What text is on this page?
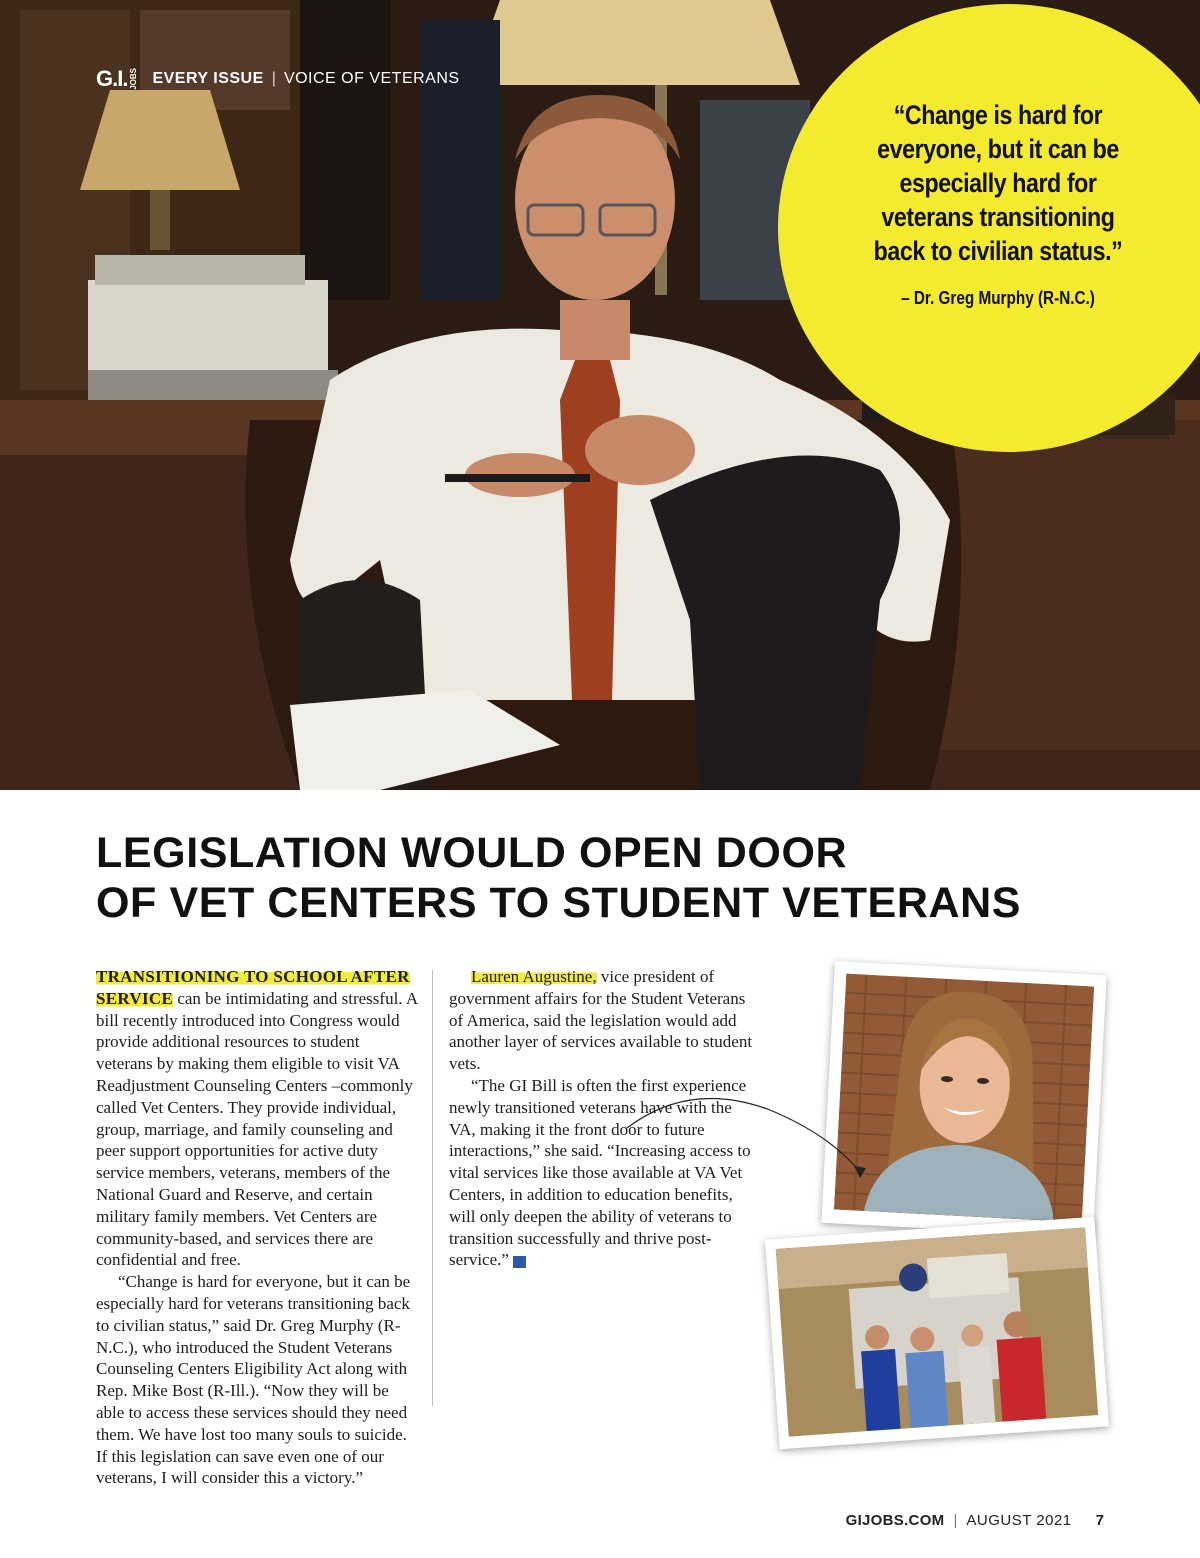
G.I. JOBS EVERY ISSUE | VOICE OF VETERANS
“Change is hard for everyone, but it can be especially hard for veterans transitioning back to civilian status.”
– Dr. Greg Murphy (R-N.C.)
LEGISLATION WOULD OPEN DOOR
OF VET CENTERS TO STUDENT VETERANS

TRANSITIONING TO SCHOOL AFTER SERVICE can be intimidating and stressful. A bill recently introduced into Congress would provide additional resources to student veterans by making them eligible to visit VA Readjustment Counseling Centers –commonly called Vet Centers. They provide individual, group, marriage, and family counseling and peer support opportunities for active duty service members, veterans, members of the National Guard and Reserve, and certain military family members. Vet Centers are community-based, and services there are confidential and free.

“Change is hard for everyone, but it can be especially hard for veterans transitioning back to civilian status,” said Dr. Greg Murphy (R-N.C.), who introduced the Student Veterans Counseling Centers Eligibility Act along with Rep. Mike Bost (R-Ill.). “Now they will be able to access these services should they need them. We have lost too many souls to suicide. If this legislation can save even one of our veterans, I will consider this a victory.”

Lauren Augustine, vice president of government affairs for the Student Veterans of America, said the legislation would add another layer of services available to student vets.

“The GI Bill is often the first experience newly transitioned veterans have with the VA, making it the front door to future interactions,” she said. “Increasing access to vital services like those available at VA Vet Centers, in addition to education benefits, will only deepen the ability of veterans to transition successfully and thrive post-service.”	GI

GIJOBS.COM | AUGUST 2021 7
